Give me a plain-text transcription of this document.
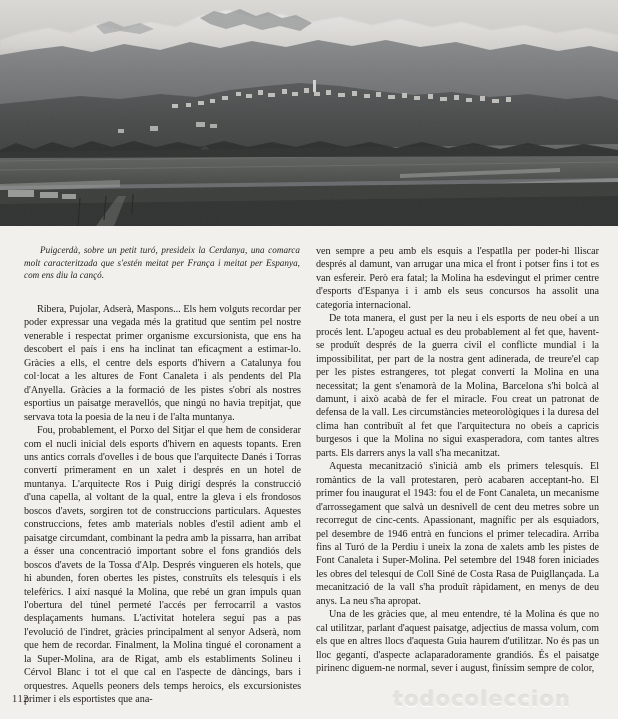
Puigcerdà, sobre un petit turó, presideix la Cerdanya, una comarca molt caracteritzada que s'estén meitat per França i meitat per Espanya, com ens diu la cançó.

Ribera, Pujolar, Adserà, Maspons... Els hem volguts recordar per poder expressar una vegada més la gratitud que sentim pel nostre venerable i respectat primer organisme excursionista, que ens ha descobert el país i ens ha inclinat tan eficaçment a estimar-lo. Gràcies a ells, el centre dels esports d'hivern a Catalunya fou col·locat a les altures de Font Canaleta i als pendents del Pla d'Anyella. Gràcies a la formació de les pistes s'obrí als nostres esportius un paisatge meravellós, que ningú no havia trepitjat, que servava tota la poesia de la neu i de l'alta muntanya.

Fou, probablement, el Porxo del Sitjar el que hem de considerar com el nucli inicial dels esports d'hivern en aquests topants. Eren uns antics corrals d'ovelles i de bous que l'arquitecte Danés i Torras convertí primerament en un xalet i després en un hotel de muntanya. L'arquitecte Ros i Puig dirigí després la construcció d'una capella, al voltant de la qual, entre la gleva i els frondosos boscos d'avets, sorgiren tot de construccions particulars. Aquestes construccions, fetes amb materials nobles d'estil adient amb el paisatge circumdant, combinant la pedra amb la pissarra, han arribat a ésser una concentració important sobre el fons grandiós dels boscos d'avets de la Tossa d'Alp. Després vingueren els hotels, que hi abunden, foren obertes les pistes, construïts els telesquís i els telefèrics. I així nasqué la Molina, que rebé un gran impuls quan l'obertura del túnel permeté l'accés per ferrocarril a vastos desplaçaments humans. L'activitat hotelera seguí pas a pas l'evolució de l'indret, gràcies principalment al senyor Adserà, nom que hem de recordar. Finalment, la Molina tingué el coronament a la Super-Molina, ara de Rigat, amb els establiments Solineu i Cérvol Blanc i tot el que cal en l'aspecte de dàncings, bars i orquestres. Aquells peoners dels temps heroics, els excursionistes primer i els esportistes que ana-

ven sempre a peu amb els esquis a l'espatlla per poder-hi lliscar després al damunt, van arrugar una mica el front i potser fins i tot es van esfereir. Però era fatal; la Molina ha esdevingut el primer centre d'esports d'Espanya i i amb els seus concursos ha assolit una categoria internacional.

De tota manera, el gust per la neu i els esports de neu obeí a un procés lent. L'apogeu actual es deu probablement al fet que, havent-se produït després de la guerra civil el conflicte mundial i la impossibilitat, per part de la nostra gent adinerada, de treure'el cap per les pistes estrangeres, tot plegat convertí la Molina en una necessitat; la gent s'enamorà de la Molina, Barcelona s'hi bolcà al damunt, i això acabà de fer el miracle. Fou creat un patronat de defensa de la vall. Les circumstàncies meteorològiques i la duresa del clima han contribuït al fet que l'arquitectura no obeís a capricis burgesos i que la Molina no sigui exasperadora, com tantes altres parts. Els darrers anys la vall s'ha mecanitzat.

Aquesta mecanització s'inicià amb els primers telesquís. El romàntics de la vall protestaren, però acabaren acceptant-ho. El primer fou inaugurat el 1943: fou el de Font Canaleta, un mecanisme d'arrossegament que salvà un desnivell de cent deu metres sobre un recorregut de cinc-cents. Apassionant, magnífic per als esquiadors, pel desembre de 1946 entrà en funcions el primer telecadira. Arriba fins al Turó de la Perdiu i uneix la zona de xalets amb les pistes de Font Canaleta i Super-Molina. Pel setembre del 1948 foren iniciades les obres del telesquí de Coll Siné de Costa Rasa de Puigllançada. La mecanització de la vall s'ha produït ràpidament, en menys de deu anys. La neu s'ha apropat.

Una de les gràcies que, al meu entendre, té la Molina és que no cal utilitzar, parlant d'aquest paisatge, adjectius de massa volum, com els que en altres llocs d'aquesta Guia haurem d'utilitzar. No és pas un lloc gegantí, d'aspecte aclaparadoramente grandiós. És el paisatge pirinenc diguem-ne normal, sever i august, finíssim sempre de color,

112	todocoleccion
